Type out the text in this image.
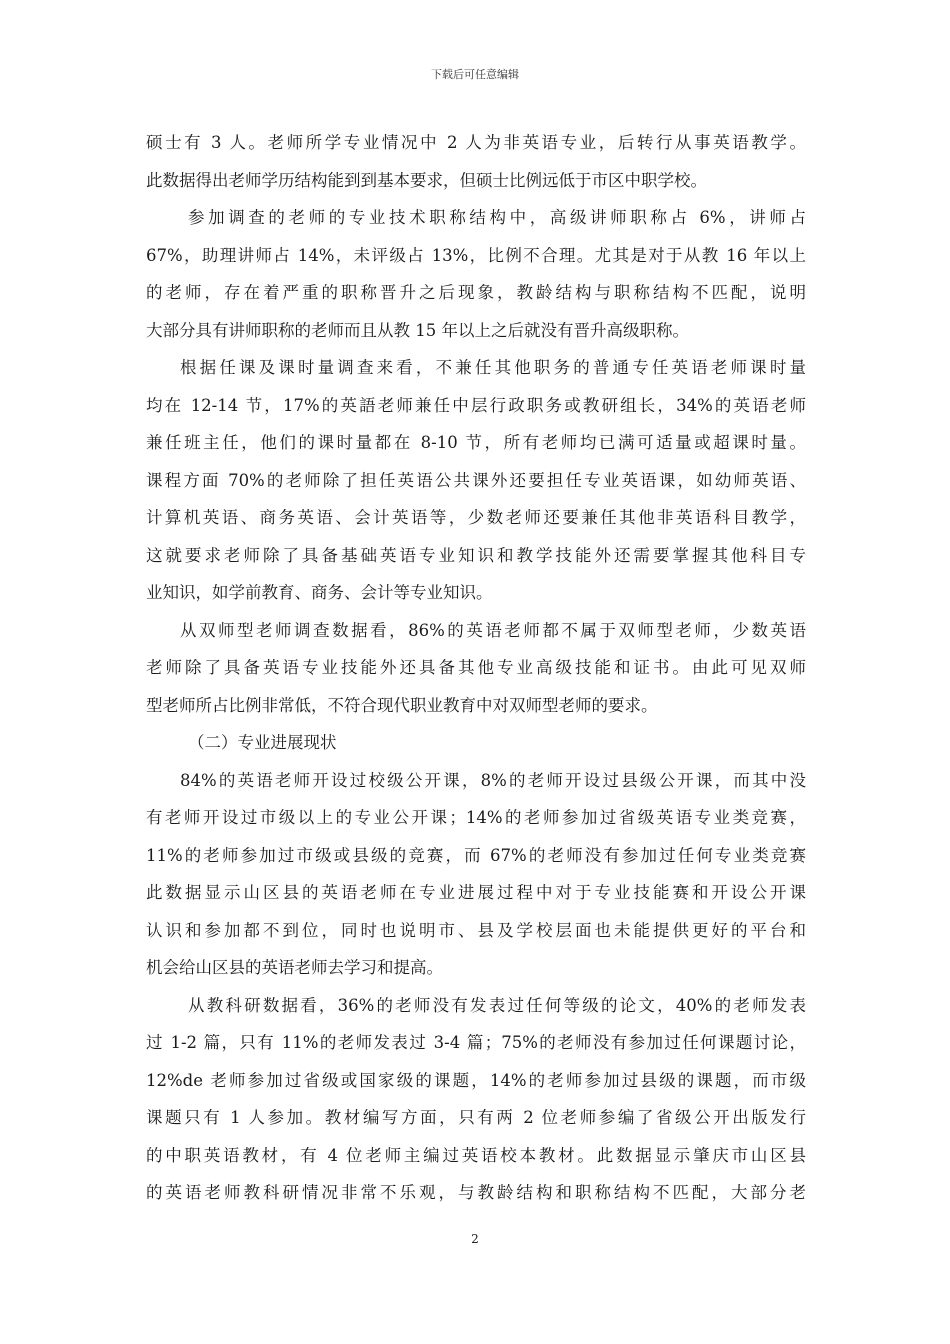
下载后可任意编辑
硕士有 3 人。老师所学专业情况中 2 人为非英语专业，后转行从事英语教学。
此数据得出老师学历结构能到到基本要求，但硕士比例远低于市区中职学校。
参加调查的老师的专业技术职称结构中，高级讲师职称占 6%，讲师占
67%，助理讲师占 14%，未评级占 13%，比例不合理。尤其是对于从教 16 年以上
的老师，存在着严重的职称晋升之后现象，教龄结构与职称结构不匹配，说明
大部分具有讲师职称的老师而且从教 15 年以上之后就没有晋升高级职称。
根据任课及课时量调查来看，不兼任其他职务的普通专任英语老师课时量
均在 12-14 节，17%的英語老师兼任中层行政职务或教研组长，34%的英语老师
兼任班主任，他们的课时量都在 8-10 节，所有老师均已满可适量或超课时量。
课程方面 70%的老师除了担任英语公共课外还要担任专业英语课，如幼师英语、
计算机英语、商务英语、会计英语等，少数老师还要兼任其他非英语科目教学，
这就要求老师除了具备基础英语专业知识和教学技能外还需要掌握其他科目专
业知识，如学前教育、商务、会计等专业知识。
从双师型老师调查数据看，86%的英语老师都不属于双师型老师，少数英语
老师除了具备英语专业技能外还具备其他专业高级技能和证书。由此可见双师
型老师所占比例非常低，不符合现代职业教育中对双师型老师的要求。
（二）专业进展现状
84%的英语老师开设过校级公开课，8%的老师开设过县级公开课，而其中没
有老师开设过市级以上的专业公开课；14%的老师参加过省级英语专业类竞赛，
11%的老师参加过市级或县级的竞赛，而 67%的老师没有参加过任何专业类竞赛
此数据显示山区县的英语老师在专业进展过程中对于专业技能赛和开设公开课
认识和参加都不到位，同时也说明市、县及学校层面也未能提供更好的平台和
机会给山区县的英语老师去学习和提高。
从教科研数据看，36%的老师没有发表过任何等级的论文，40%的老师发表
过 1-2 篇，只有 11%的老师发表过 3-4 篇；75%的老师没有参加过任何课题讨论，
12%de 老师参加过省级或国家级的课题，14%的老师参加过县级的课题，而市级
课题只有 1 人参加。教材编写方面，只有两 2 位老师参编了省级公开出版发行
的中职英语教材，有 4 位老师主编过英语校本教材。此数据显示肇庆市山区县
的英语老师教科研情况非常不乐观，与教龄结构和职称结构不匹配，大部分老
2
